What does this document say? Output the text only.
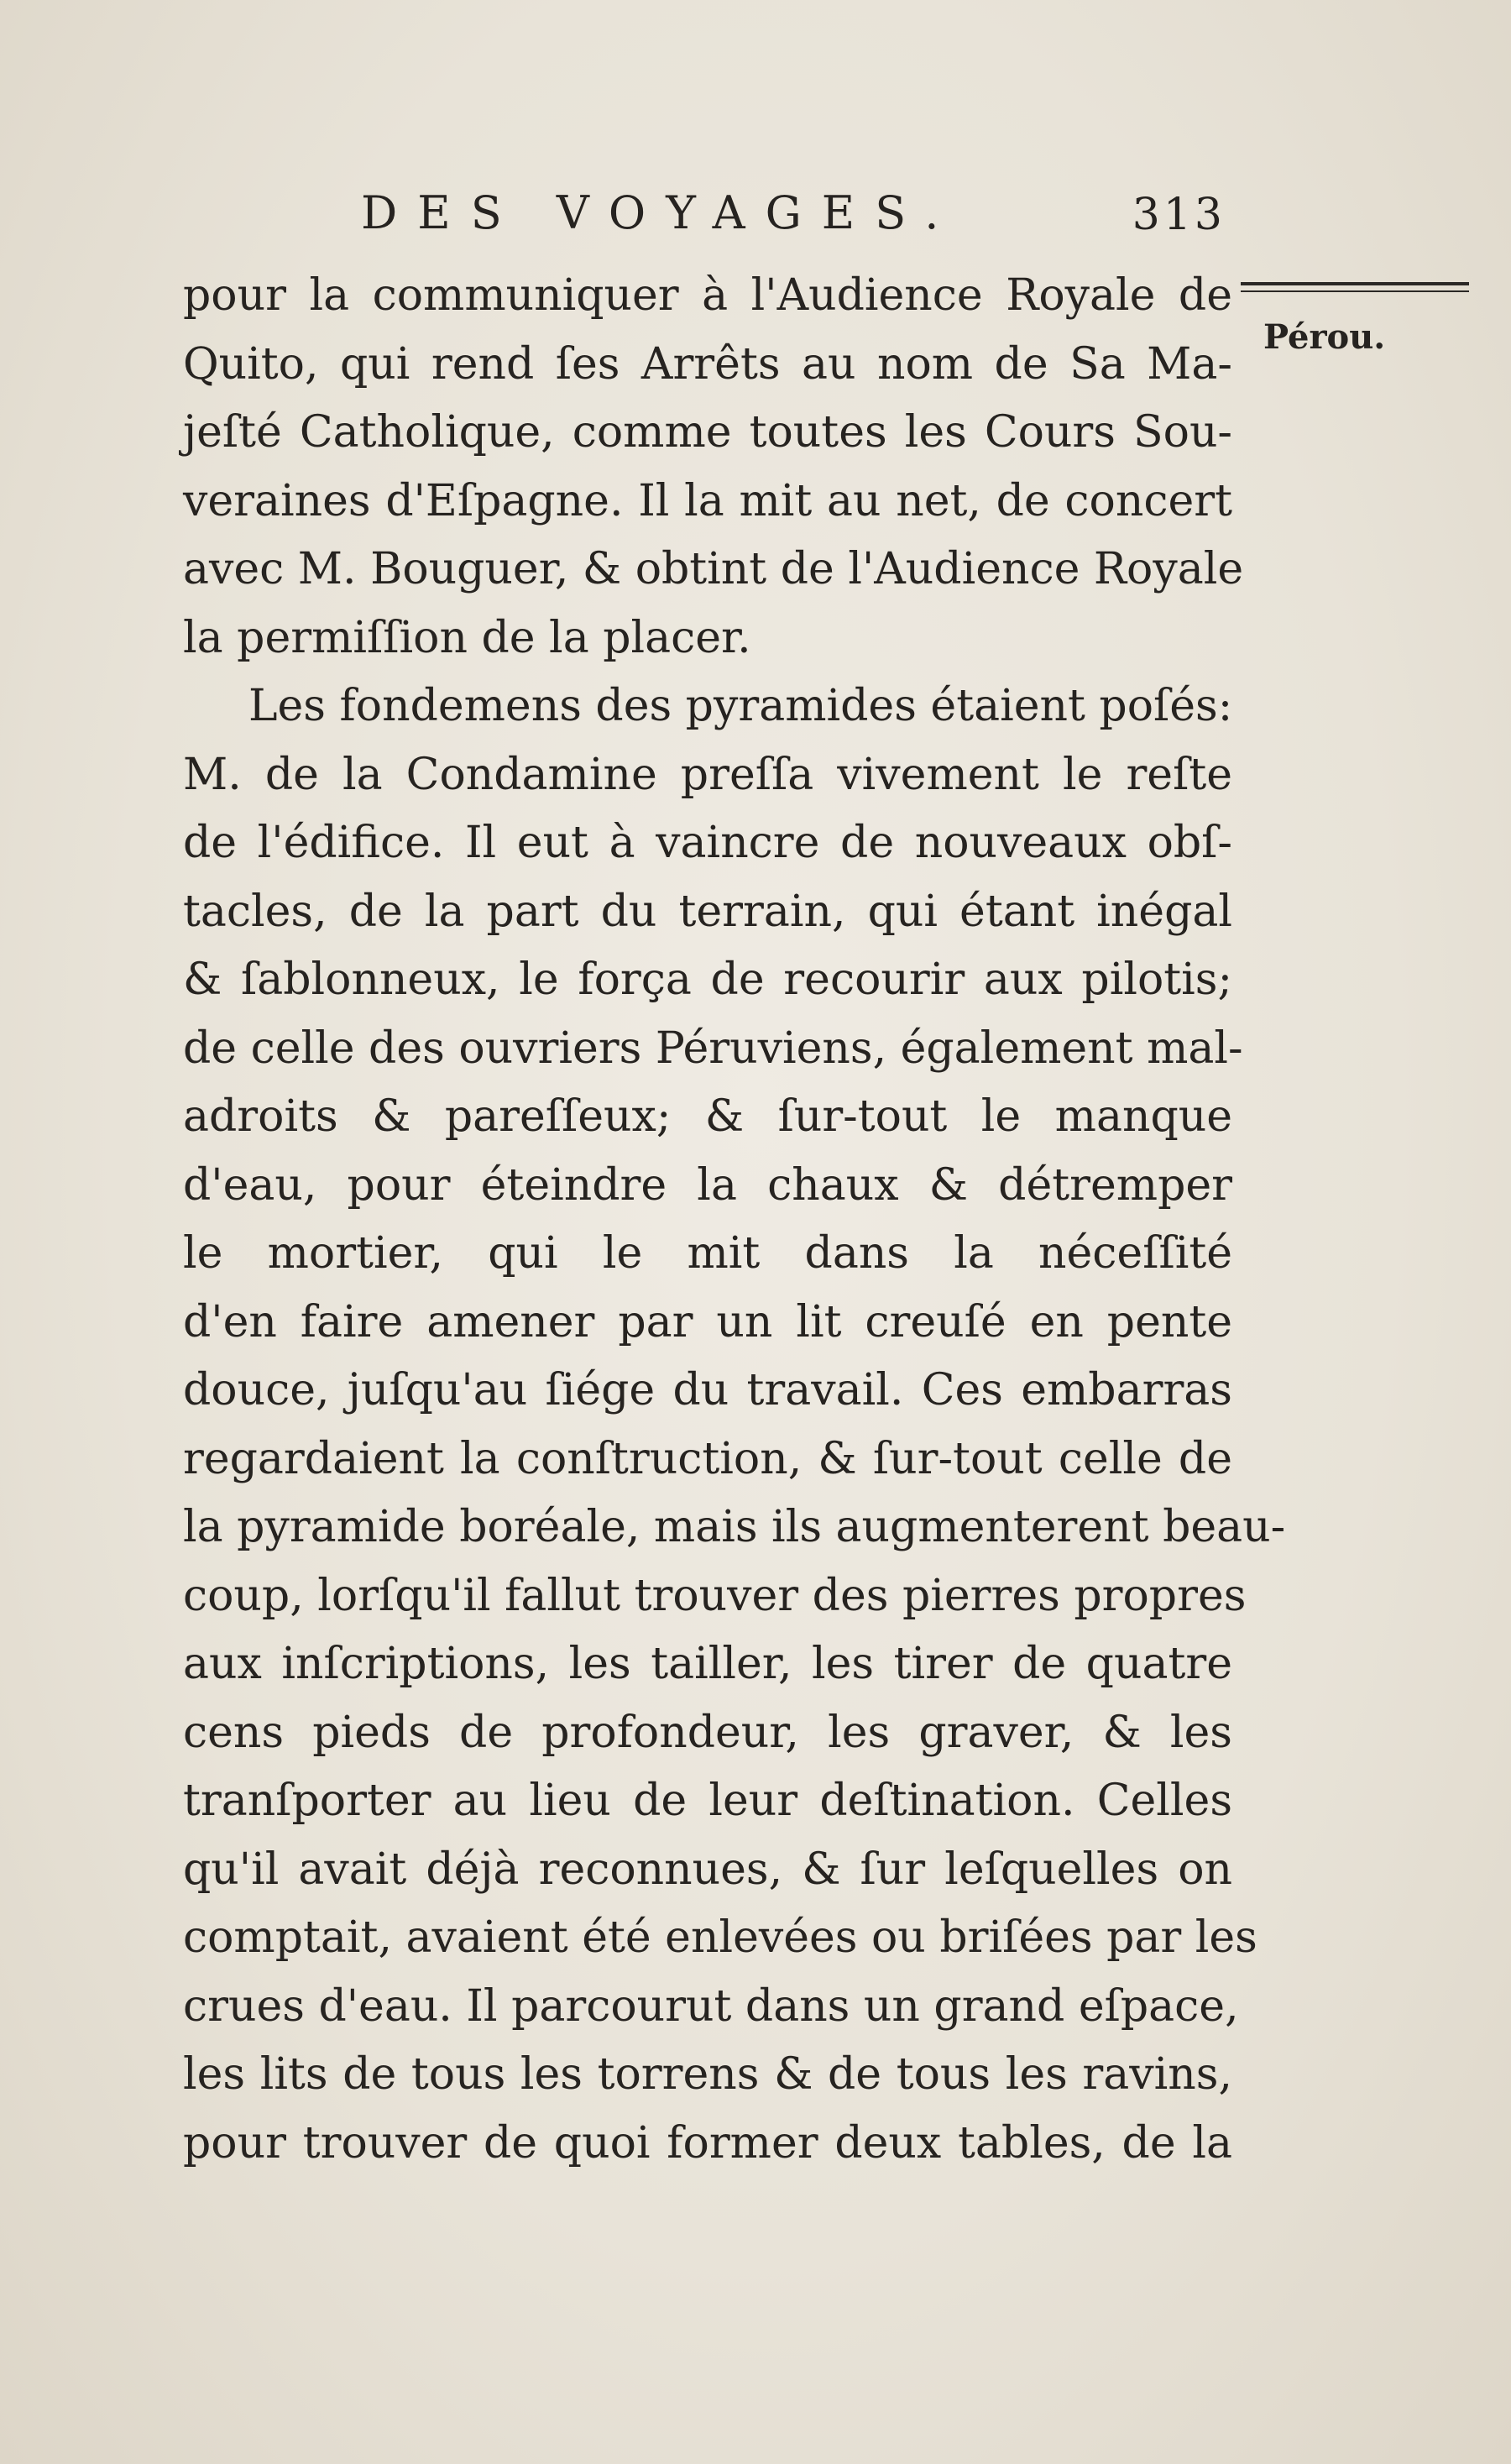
DES VOYAGES.	313
Pérou.
pour la communiquer à l'Audience Royale de
Quito, qui rend ſes Arrêts au nom de Sa Ma-
jeſté Catholique, comme toutes les Cours Sou-
veraines d'Eſpagne. Il la mit au net, de concert
avec M. Bouguer, & obtint de l'Audience Royale
la permiſſion de la placer.
Les fondemens des pyramides étaient poſés:
M. de la Condamine preſſa vivement le reſte
de l'édifice. Il eut à vaincre de nouveaux obſ-
tacles, de la part du terrain, qui étant inégal
& ſablonneux, le força de recourir aux pilotis;
de celle des ouvriers Péruviens, également mal-
adroits & pareſſeux; & ſur-tout le manque
d'eau, pour éteindre la chaux & détremper
le mortier, qui le mit dans la néceſſité
d'en faire amener par un lit creuſé en pente
douce, juſqu'au ſiége du travail. Ces embarras
regardaient la conſtruction, & ſur-tout celle de
la pyramide boréale, mais ils augmenterent beau-
coup, lorſqu'il fallut trouver des pierres propres
aux inſcriptions, les tailler, les tirer de quatre
cens pieds de profondeur, les graver, & les
tranſporter au lieu de leur deſtination. Celles
qu'il avait déjà reconnues, & ſur leſquelles on
comptait, avaient été enlevées ou briſées par les
crues d'eau. Il parcourut dans un grand eſpace,
les lits de tous les torrens & de tous les ravins,
pour trouver de quoi former deux tables, de la
